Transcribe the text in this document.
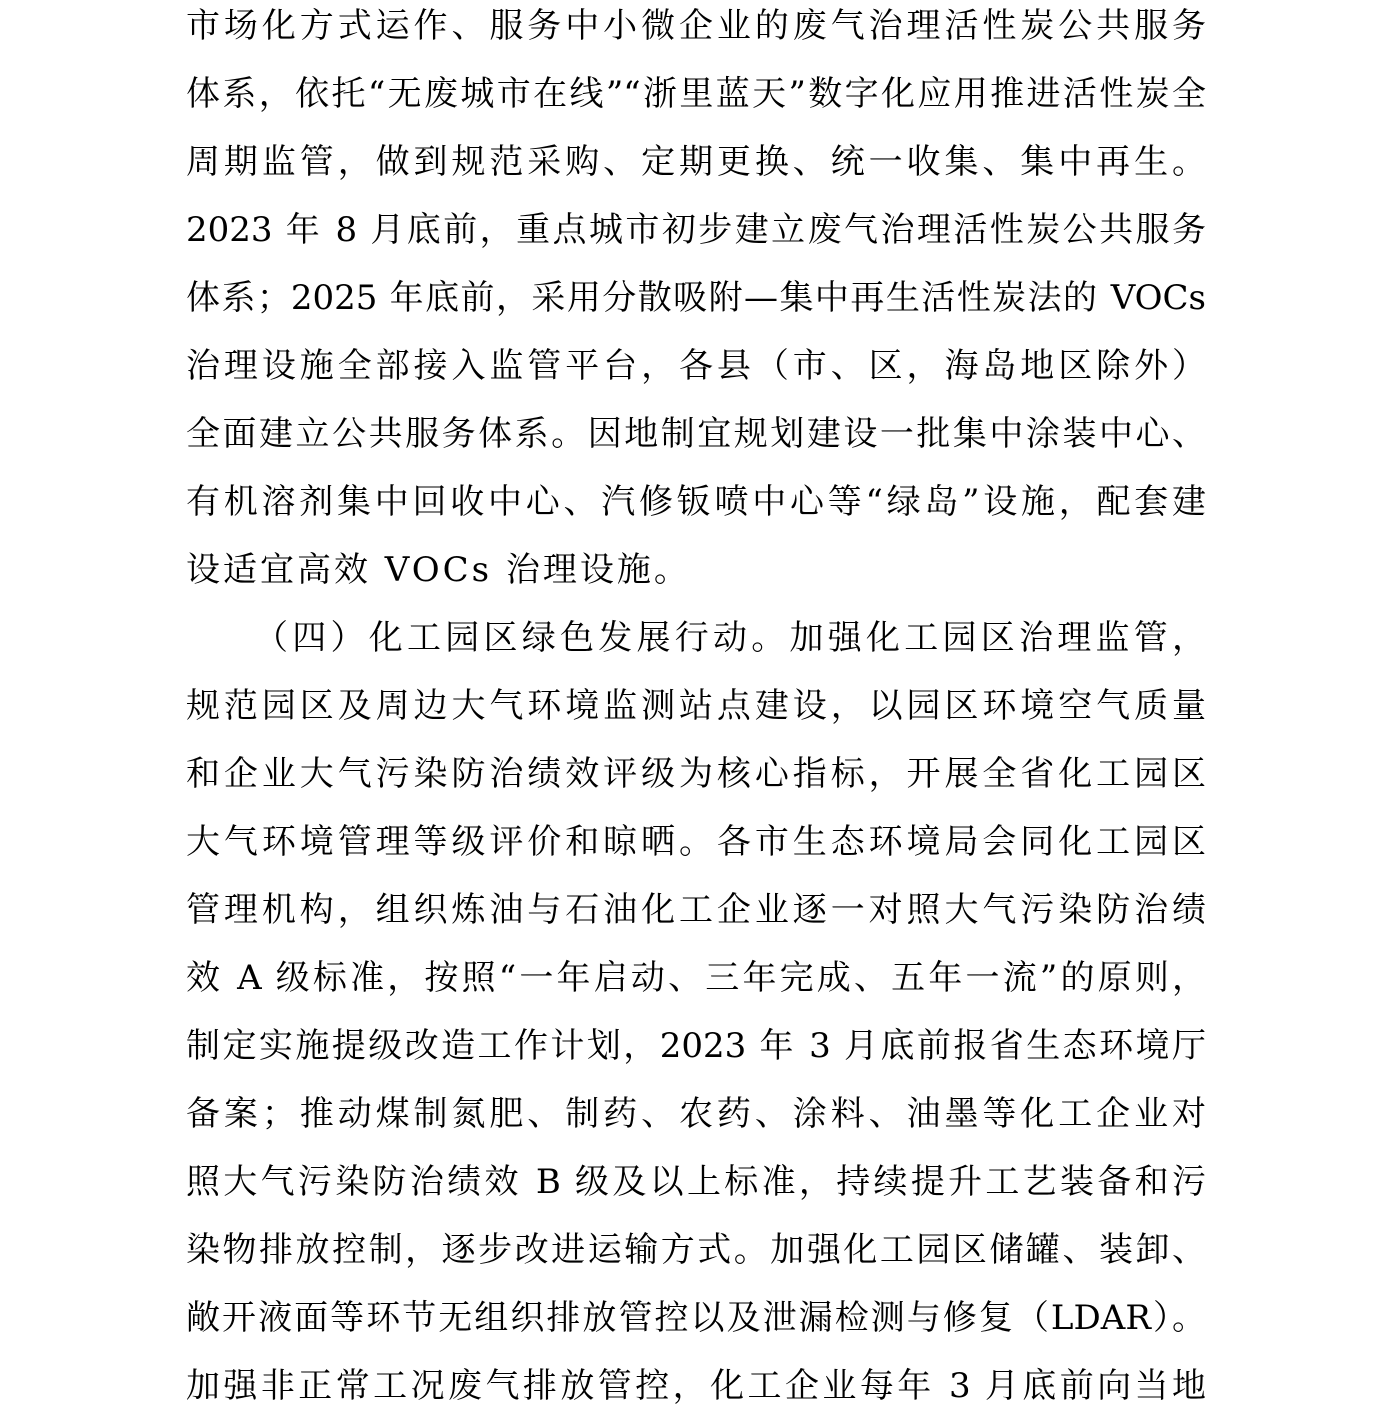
市场化方式运作、服务中小微企业的废气治理活性炭公共服务
体系，依托“无废城市在线”“浙里蓝天”数字化应用推进活性炭全
周期监管，做到规范采购、定期更换、统一收集、集中再生。
2023 年 8 月底前，重点城市初步建立废气治理活性炭公共服务
体系；2025 年底前，采用分散吸附—集中再生活性炭法的 VOCs
治理设施全部接入监管平台，各县（市、区，海岛地区除外）
全面建立公共服务体系。因地制宜规划建设一批集中涂装中心、
有机溶剂集中回收中心、汽修钣喷中心等“绿岛”设施，配套建
设适宜高效 VOCs 治理设施。
（四）化工园区绿色发展行动。加强化工园区治理监管，
规范园区及周边大气环境监测站点建设，以园区环境空气质量
和企业大气污染防治绩效评级为核心指标，开展全省化工园区
大气环境管理等级评价和晾晒。各市生态环境局会同化工园区
管理机构，组织炼油与石油化工企业逐一对照大气污染防治绩
效 A 级标准，按照“一年启动、三年完成、五年一流”的原则，
制定实施提级改造工作计划，2023 年 3 月底前报省生态环境厅
备案；推动煤制氮肥、制药、农药、涂料、油墨等化工企业对
照大气污染防治绩效 B 级及以上标准，持续提升工艺装备和污
染物排放控制，逐步改进运输方式。加强化工园区储罐、装卸、
敞开液面等环节无组织排放管控以及泄漏检测与修复（LDAR）。
加强非正常工况废气排放管控，化工企业每年 3 月底前向当地
